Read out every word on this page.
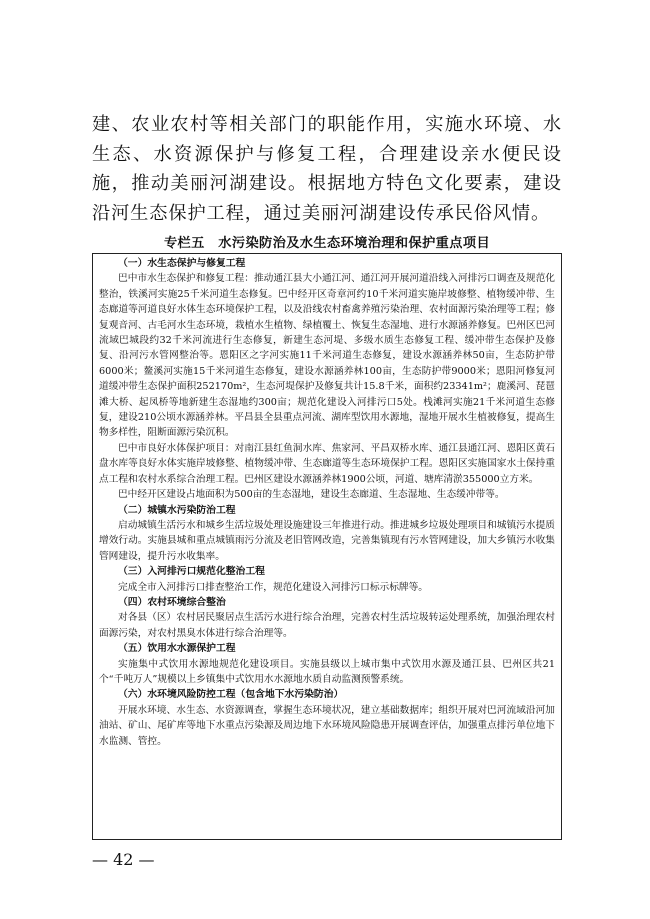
建、农业农村等相关部门的职能作用，实施水环境、水生态、水资源保护与修复工程，合理建设亲水便民设施，推动美丽河湖建设。根据地方特色文化要素，建设沿河生态保护工程，通过美丽河湖建设传承民俗风情。

专栏五　水污染防治及水生态环境治理和保护重点项目

（一）水生态保护与修复工程

巴中市水生态保护和修复工程：推动通江县大小通江河、通江河开展河道沿线入河排污口调查及规范化整治，铁溪河实施25千米河道生态修复。巴中经开区奇章河约10千米河道实施岸坡修整、植物缓冲带、生态廊道等河道良好水体生态环境保护工程，以及沿线农村畜禽养殖污染治理、农村面源污染治理等工程；修复观音河、古毛河水生态环境，栽植水生植物、绿植覆土、恢复生态湿地、进行水源涵养修复。巴州区巴河流域巴城段约32千米河流进行生态修复，新建生态河堤、多级水质生态修复工程、缓冲带生态保护及修复、沿河污水管网整治等。恩阳区之字河实施11千米河道生态修复，建设水源涵养林50亩，生态防护带6000米；鳌溪河实施15千米河道生态修复，建设水源涵养林100亩，生态防护带9000米；恩阳河修复河道缓冲带生态保护面积252170m²，生态河堤保护及修复共计15.8千米，面积约23341m²；鹿溪河、琵琶滩大桥、起凤桥等地新建生态湿地约300亩；规范化建设入河排污口5处。栈滩河实施21千米河道生态修复，建设210公顷水源涵养林。平昌县全县重点河流、湖库型饮用水源地，湿地开展水生植被修复，提高生物多样性，阻断面源污染沉积。

巴中市良好水体保护项目：对南江县红鱼洞水库、焦家河、平昌双桥水库、通江县通江河、恩阳区黄石盘水库等良好水体实施岸坡修整、植物缓冲带、生态廊道等生态环境保护工程。恩阳区实施国家水土保持重点工程和农村水系综合治理工程。巴州区建设水源涵养林1900公顷，河道、塘库清淤355000立方米。

巴中经开区建设占地面积为500亩的生态湿地，建设生态廊道、生态湿地、生态缓冲带等。

（二）城镇水污染防治工程

启动城镇生活污水和城乡生活垃圾处理设施建设三年推进行动。推进城乡垃圾处理项目和城镇污水提质增效行动。实施县城和重点城镇雨污分流及老旧管网改造，完善集镇现有污水管网建设，加大乡镇污水收集管网建设，提升污水收集率。

（三）入河排污口规范化整治工程

完成全市入河排污口排查整治工作，规范化建设入河排污口标示标牌等。

（四）农村环境综合整治

对各县（区）农村居民聚居点生活污水进行综合治理，完善农村生活垃圾转运处理系统，加强治理农村面源污染，对农村黑臭水体进行综合治理等。

（五）饮用水水源保护工程

实施集中式饮用水源地规范化建设项目。实施县级以上城市集中式饮用水源及通江县、巴州区共21个“千吨万人”规模以上乡镇集中式饮用水水源地水质自动监测预警系统。

（六）水环境风险防控工程（包含地下水污染防治）

开展水环境、水生态、水资源调查，掌握生态环境状况，建立基础数据库；组织开展对巴河流域沿河加油站、矿山、尾矿库等地下水重点污染源及周边地下水环境风险隐患开展调查评估，加强重点排污单位地下水监测、管控。

— 42 —
